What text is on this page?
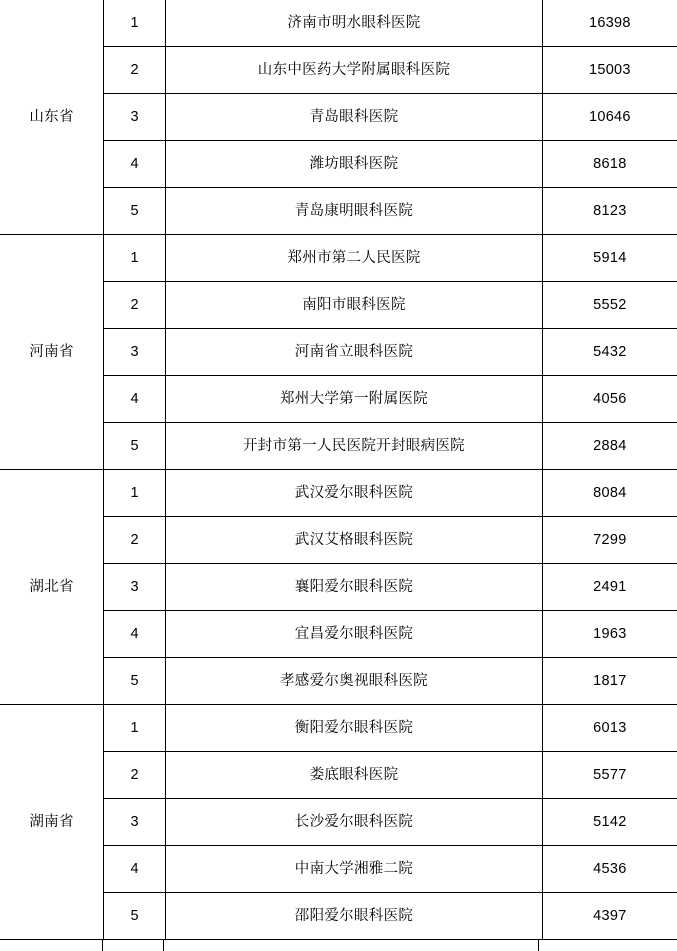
山东省	1	济南市明水眼科医院	16398
	2	山东中医药大学附属眼科医院	15003
	3	青岛眼科医院	10646
	4	潍坊眼科医院	8618
	5	青岛康明眼科医院	8123
河南省	1	郑州市第二人民医院	5914
	2	南阳市眼科医院	5552
	3	河南省立眼科医院	5432
	4	郑州大学第一附属医院	4056
	5	开封市第一人民医院开封眼病医院	2884
湖北省	1	武汉爱尔眼科医院	8084
	2	武汉艾格眼科医院	7299
	3	襄阳爱尔眼科医院	2491
	4	宜昌爱尔眼科医院	1963
	5	孝感爱尔奥视眼科医院	1817
湖南省	1	衡阳爱尔眼科医院	6013
	2	娄底眼科医院	5577
	3	长沙爱尔眼科医院	5142
	4	中南大学湘雅二院	4536
	5	邵阳爱尔眼科医院	4397
